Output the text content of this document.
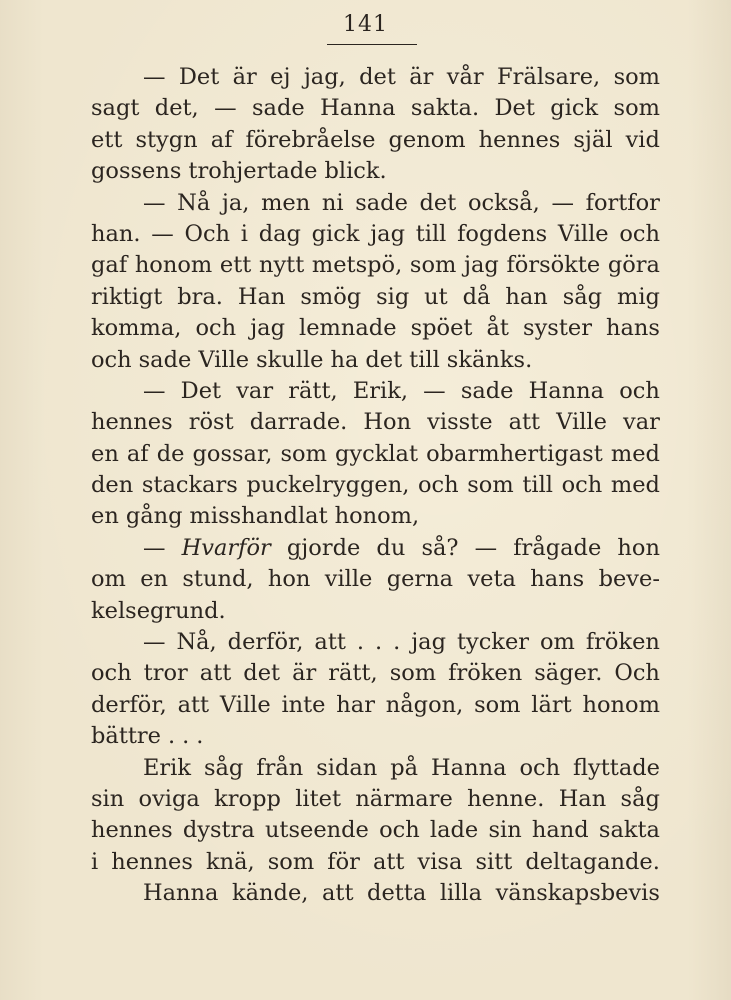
141
— Det är ej jag, det är vår Frälsare, som
sagt det, — sade Hanna sakta. Det gick som
ett stygn af förebråelse genom hennes själ vid
gossens trohjertade blick.
— Nå ja, men ni sade det också, — fortfor
han. — Och i dag gick jag till fogdens Ville och
gaf honom ett nytt metspö, som jag försökte göra
riktigt bra. Han smög sig ut då han såg mig
komma, och jag lemnade spöet åt syster hans
och sade Ville skulle ha det till skänks.
— Det var rätt, Erik, — sade Hanna och
hennes röst darrade. Hon visste att Ville var
en af de gossar, som gycklat obarmhertigast med
den stackars puckelryggen, och som till och med
en gång misshandlat honom,
— Hvarför gjorde du så? — frågade hon
om en stund, hon ville gerna veta hans beve-
kelsegrund.
— Nå, derför, att . . . jag tycker om fröken
och tror att det är rätt, som fröken säger. Och
derför, att Ville inte har någon, som lärt honom
bättre . . .
Erik såg från sidan på Hanna och flyttade
sin oviga kropp litet närmare henne. Han såg
hennes dystra utseende och lade sin hand sakta
i hennes knä, som för att visa sitt deltagande.
Hanna kände, att detta lilla vänskapsbevis
